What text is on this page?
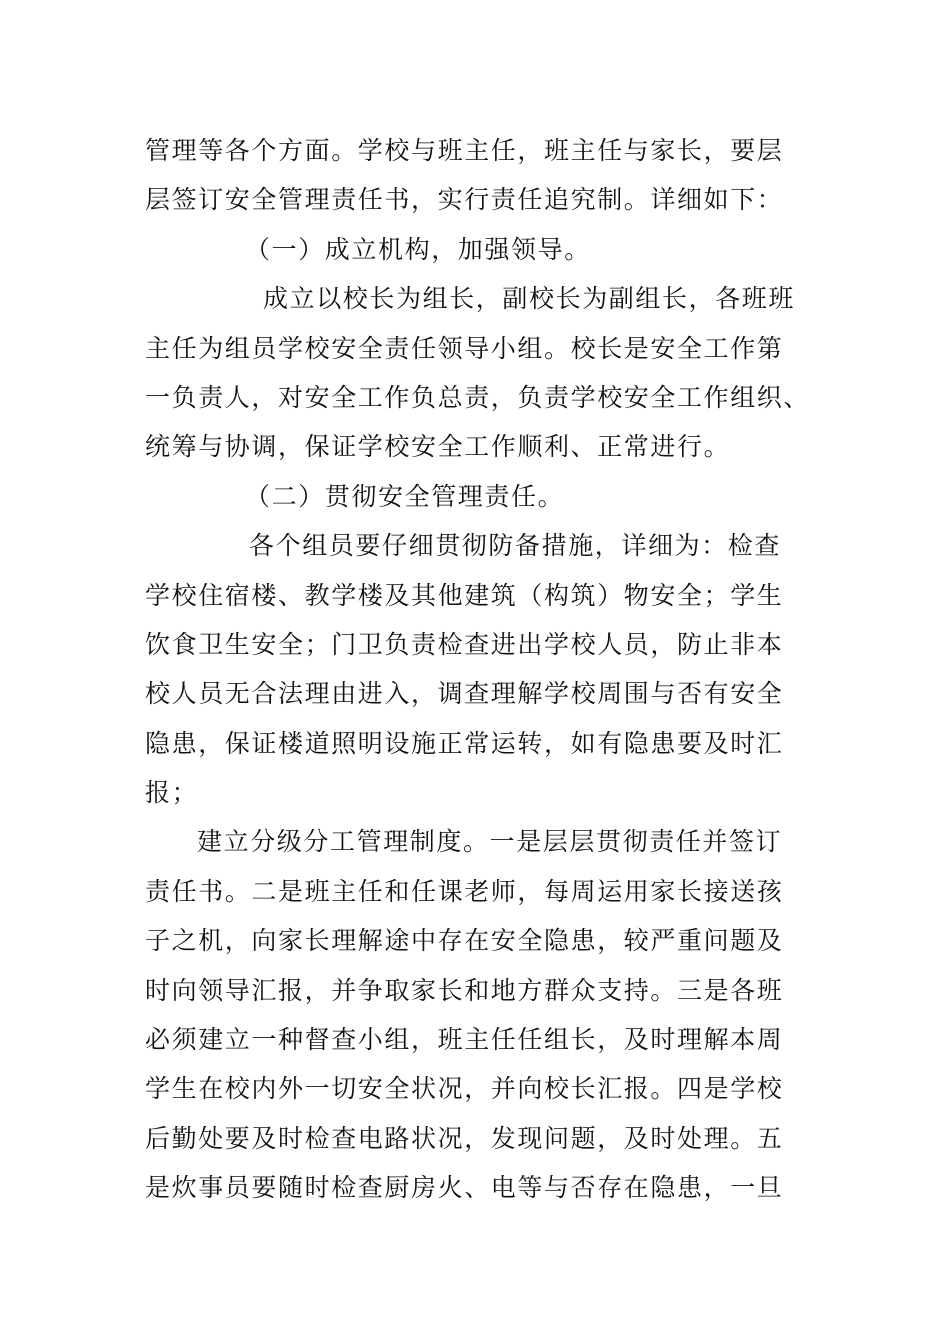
管理等各个方面。学校与班主任，班主任与家长，要层
层签订安全管理责任书，实行责任追究制。详细如下：
（一）成立机构，加强领导。
成立以校长为组长，副校长为副组长，各班班
主任为组员学校安全责任领导小组。校长是安全工作第
一负责人，对安全工作负总责，负责学校安全工作组织、
统筹与协调，保证学校安全工作顺利、正常进行。
（二）贯彻安全管理责任。
各个组员要仔细贯彻防备措施，详细为：检查
学校住宿楼、教学楼及其他建筑（构筑）物安全；学生
饮食卫生安全；门卫负责检查进出学校人员，防止非本
校人员无合法理由进入，调查理解学校周围与否有安全
隐患，保证楼道照明设施正常运转，如有隐患要及时汇
报；
建立分级分工管理制度。一是层层贯彻责任并签订
责任书。二是班主任和任课老师，每周运用家长接送孩
子之机，向家长理解途中存在安全隐患，较严重问题及
时向领导汇报，并争取家长和地方群众支持。三是各班
必须建立一种督查小组，班主任任组长，及时理解本周
学生在校内外一切安全状况，并向校长汇报。四是学校
后勤处要及时检查电路状况，发现问题，及时处理。五
是炊事员要随时检查厨房火、电等与否存在隐患，一旦
